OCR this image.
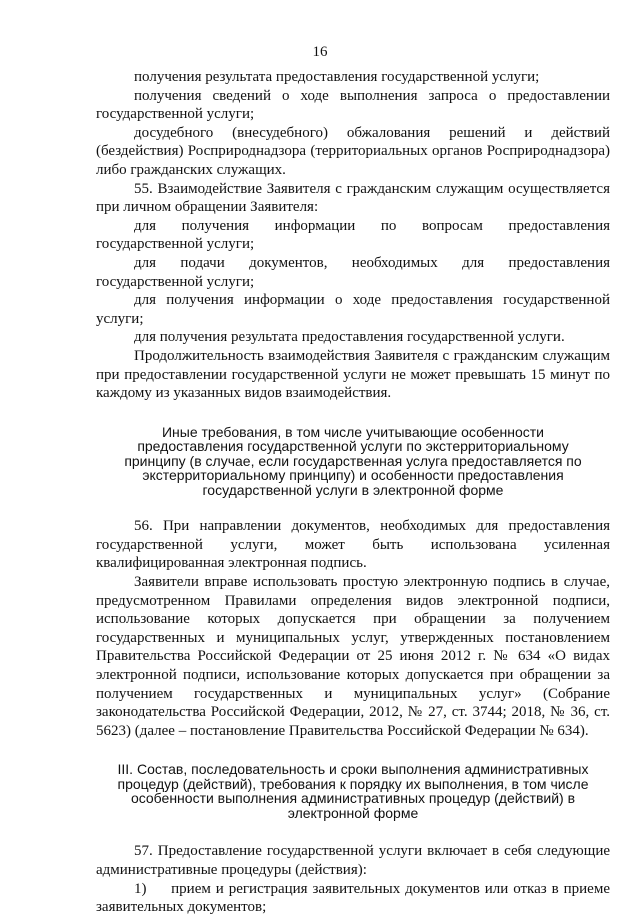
16

получения результата предоставления государственной услуги;

получения сведений о ходе выполнения запроса о предоставлении государственной услуги;

досудебного (внесудебного) обжалования решений и действий (бездействия) Росприроднадзора (территориальных органов Росприроднадзора) либо гражданских служащих.

55. Взаимодействие Заявителя с гражданским служащим осуществляется при личном обращении Заявителя:

для получения информации по вопросам предоставления государственной услуги;

для подачи документов, необходимых для предоставления государственной услуги;

для получения информации о ходе предоставления государственной услуги;

для получения результата предоставления государственной услуги.

Продолжительность взаимодействия Заявителя с гражданским служащим при предоставлении государственной услуги не может превышать 15 минут по каждому из указанных видов взаимодействия.

Иные требования, в том числе учитывающие особенности предоставления государственной услуги по экстерриториальному принципу (в случае, если государственная услуга предоставляется по экстерриториальному принципу) и особенности предоставления государственной услуги в электронной форме

56. При направлении документов, необходимых для предоставления государственной услуги, может быть использована усиленная квалифицированная электронная подпись.

Заявители вправе использовать простую электронную подпись в случае, предусмотренном Правилами определения видов электронной подписи, использование которых допускается при обращении за получением государственных и муниципальных услуг, утвержденных постановлением Правительства Российской Федерации от 25 июня 2012 г. № 634 «О видах электронной подписи, использование которых допускается при обращении за получением государственных и муниципальных услуг» (Собрание законодательства Российской Федерации, 2012, № 27, ст. 3744; 2018, № 36, ст. 5623) (далее – постановление Правительства Российской Федерации № 634).

III. Состав, последовательность и сроки выполнения административных процедур (действий), требования к порядку их выполнения, в том числе особенности выполнения административных процедур (действий) в электронной форме

57. Предоставление государственной услуги включает в себя следующие административные процедуры (действия):

1) прием и регистрация заявительных документов или отказ в приеме заявительных документов;
